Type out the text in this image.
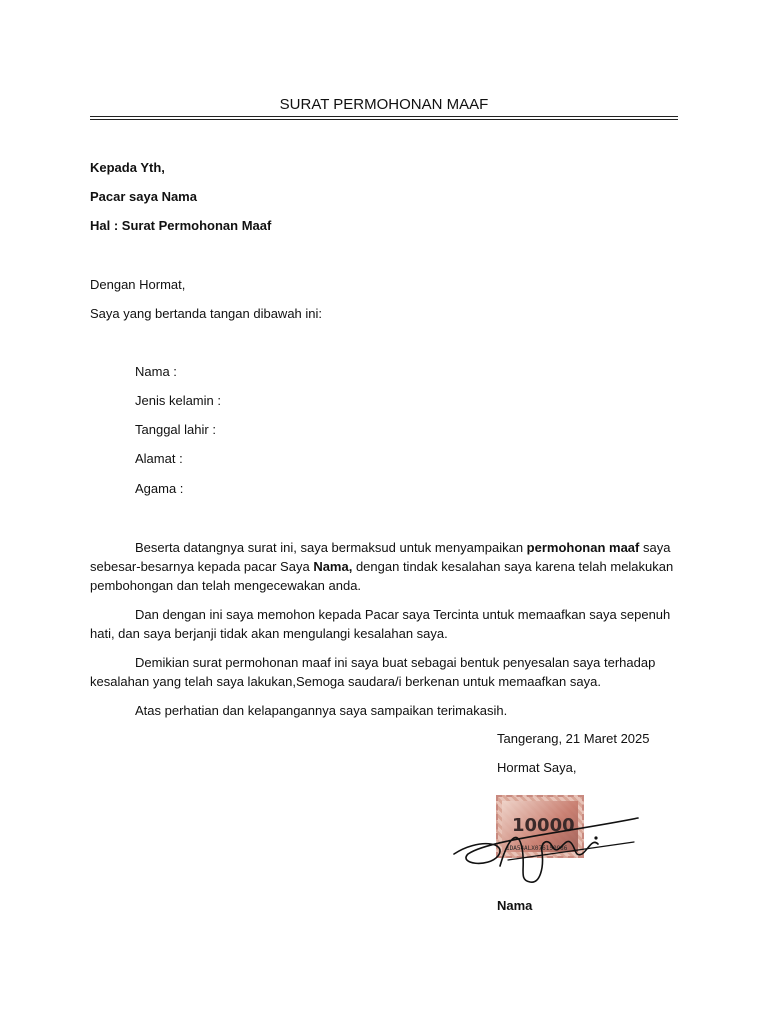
SURAT PERMOHONAN MAAF
Kepada Yth,
Pacar saya Nama
Hal : Surat Permohonan Maaf
Dengan Hormat,
Saya yang bertanda tangan dibawah ini:
Nama :
Jenis kelamin :
Tanggal lahir :
Alamat :
Agama :
Beserta datangnya surat ini, saya bermaksud untuk menyampaikan permohonan maaf saya sebesar-besarnya kepada pacar Saya Nama, dengan tindak kesalahan saya karena telah melakukan pembohongan dan telah mengecewakan anda.
Dan dengan ini saya memohon kepada Pacar saya Tercinta untuk memaafkan saya sepenuh hati, dan saya berjanji tidak akan mengulangi kesalahan saya.
Demikian surat permohonan maaf ini saya buat sebagai bentuk penyesalan saya terhadap kesalahan yang telah saya lakukan,Semoga saudara/i berkenan untuk memaafkan saya.
Atas perhatian dan kelapangannya saya sampaikan terimakasih.
Tangerang, 21 Maret 2025
Hormat Saya,
10000
1DA54ALX076150986
Nama
